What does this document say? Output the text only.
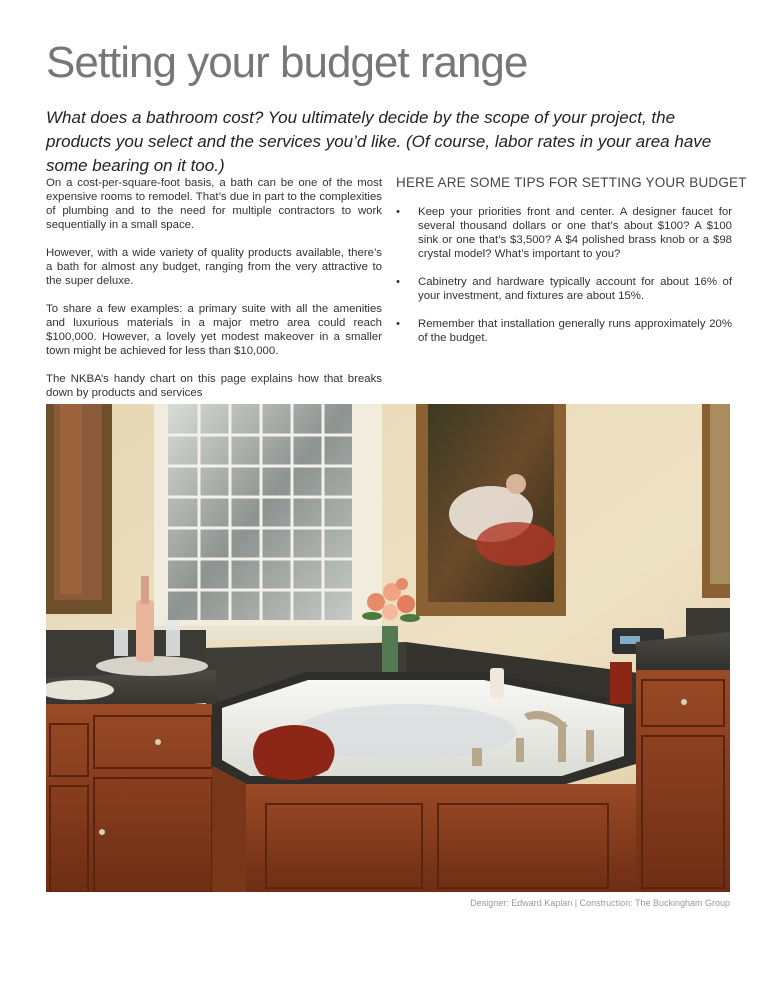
Setting your budget range

What does a bathroom cost? You ultimately decide by the scope of your project, the products you select and the services you’d like. (Of course, labor rates in your area have some bearing on it too.)

On a cost-per-square-foot basis, a bath can be one of the most expensive rooms to remodel. That’s due in part to the complexities of plumbing and to the need for multiple contractors to work sequentially in a small space.

However, with a wide variety of quality products available, there’s a bath for almost any budget, ranging from the very attractive to the super deluxe.

To share a few examples: a primary suite with all the amenities and luxurious materials in a major metro area could reach $100,000. However, a lovely yet modest makeover in a smaller town might be achieved for less than $10,000.

The NKBA’s handy chart on this page explains how that breaks down by products and services

HERE ARE SOME TIPS FOR SETTING YOUR BUDGET
• Keep your priorities front and center. A designer faucet for several thousand dollars or one that’s about $100? A $100 sink or one that’s $3,500? A $4 polished brass knob or a $98 crystal model? What’s important to you?
• Cabinetry and hardware typically account for about 16% of your investment, and fixtures are about 15%.
• Remember that installation generally runs approximately 20% of the budget.
Designer: Edward Kaplan | Construction: The Buckingham Group
